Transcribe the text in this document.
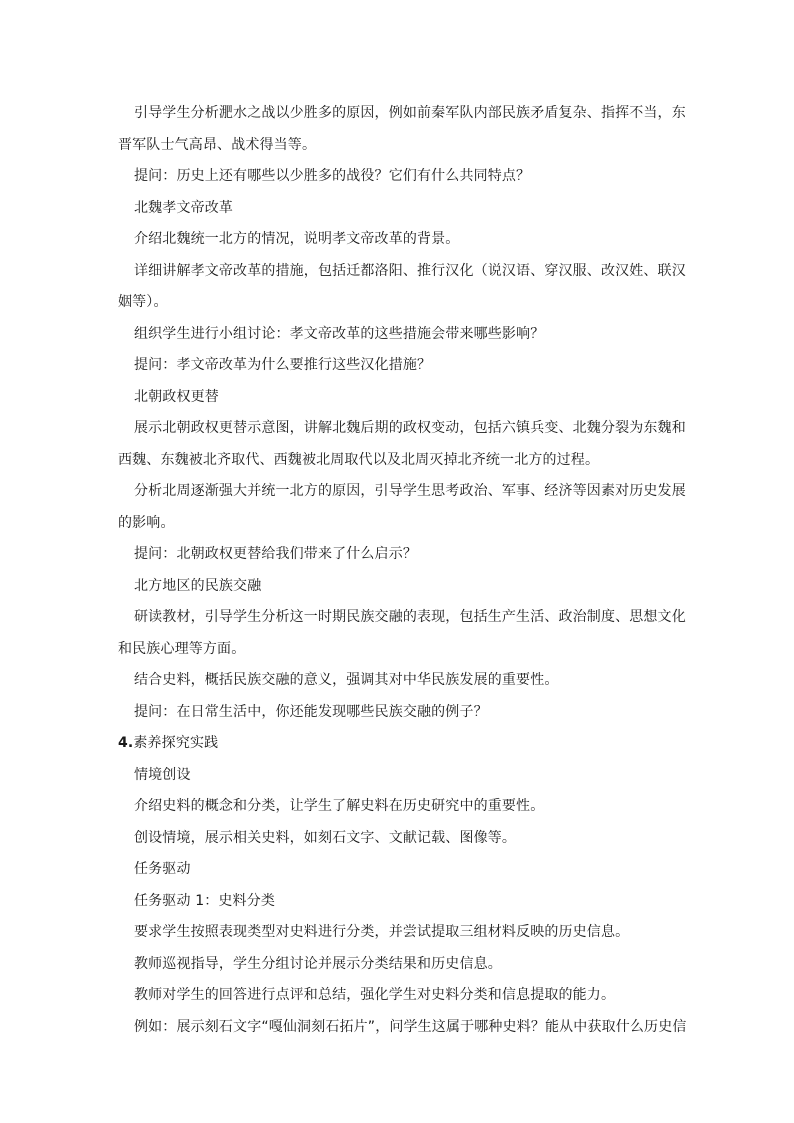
引导学生分析淝水之战以少胜多的原因，例如前秦军队内部民族矛盾复杂、指挥不当，东
晋军队士气高昂、战术得当等。
提问：历史上还有哪些以少胜多的战役？它们有什么共同特点？
北魏孝文帝改革
介绍北魏统一北方的情况，说明孝文帝改革的背景。
详细讲解孝文帝改革的措施，包括迁都洛阳、推行汉化（说汉语、穿汉服、改汉姓、联汉
姻等）。
组织学生进行小组讨论：孝文帝改革的这些措施会带来哪些影响？
提问：孝文帝改革为什么要推行这些汉化措施？
北朝政权更替
展示北朝政权更替示意图，讲解北魏后期的政权变动，包括六镇兵变、北魏分裂为东魏和
西魏、东魏被北齐取代、西魏被北周取代以及北周灭掉北齐统一北方的过程。
分析北周逐渐强大并统一北方的原因，引导学生思考政治、军事、经济等因素对历史发展
的影响。
提问：北朝政权更替给我们带来了什么启示？
北方地区的民族交融
研读教材，引导学生分析这一时期民族交融的表现，包括生产生活、政治制度、思想文化
和民族心理等方面。
结合史料，概括民族交融的意义，强调其对中华民族发展的重要性。
提问：在日常生活中，你还能发现哪些民族交融的例子？
4.素养探究实践
情境创设
介绍史料的概念和分类，让学生了解史料在历史研究中的重要性。
创设情境，展示相关史料，如刻石文字、文献记载、图像等。
任务驱动
任务驱动 1：史料分类
要求学生按照表现类型对史料进行分类，并尝试提取三组材料反映的历史信息。
教师巡视指导，学生分组讨论并展示分类结果和历史信息。
教师对学生的回答进行点评和总结，强化学生对史料分类和信息提取的能力。
例如：展示刻石文字“嘎仙洞刻石拓片”，问学生这属于哪种史料？能从中获取什么历史信
